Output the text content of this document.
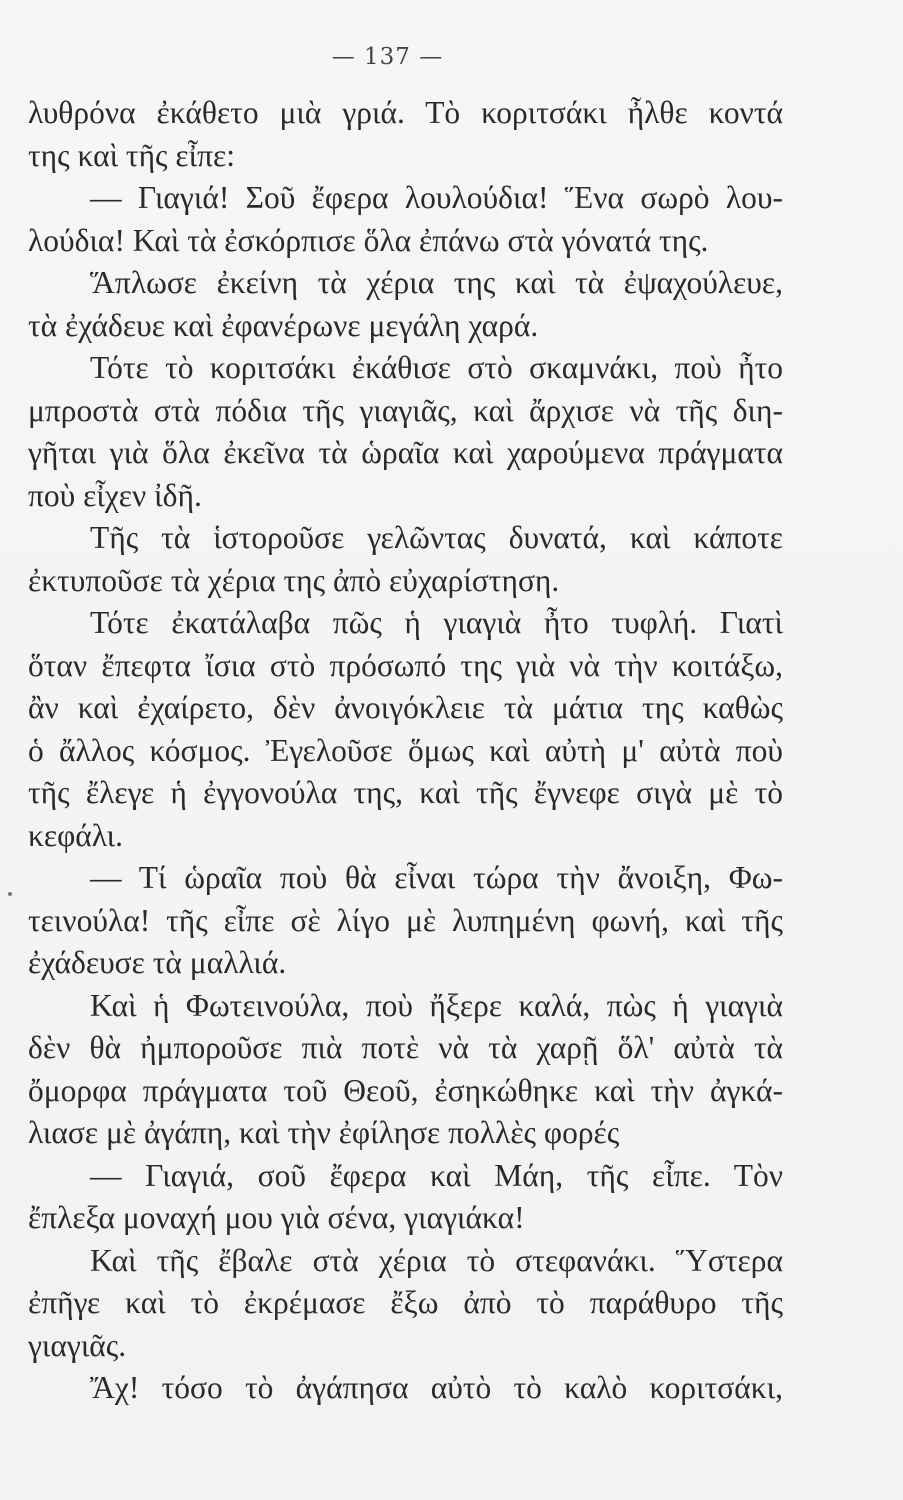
— 137 —
λυθρόνα ἐκάθετο μιὰ γριά. Τὸ κοριτσάκι ἦλθε κοντά
της καὶ τῆς εἶπε:
— Γιαγιά! Σοῦ ἔφερα λουλούδια! Ἕνα σωρὸ λου-
λούδια! Καὶ τὰ ἐσκόρπισε ὅλα ἐπάνω στὰ γόνατά της.
Ἅπλωσε ἐκείνη τὰ χέρια της καὶ τὰ ἐψαχούλευε,
τὰ ἐχάδευε καὶ ἐφανέρωνε μεγάλη χαρά.
Τότε τὸ κοριτσάκι ἐκάθισε στὸ σκαμνάκι, ποὺ ἦτο
μπροστὰ στὰ πόδια τῆς γιαγιᾶς, καὶ ἄρχισε νὰ τῆς διη-
γῆται γιὰ ὅλα ἐκεῖνα τὰ ὡραῖα καὶ χαρούμενα πράγματα
ποὺ εἶχεν ἰδῆ.
Τῆς τὰ ἱστοροῦσε γελῶντας δυνατά, καὶ κάποτε
ἐκτυποῦσε τὰ χέρια της ἀπὸ εὐχαρίστηση.
Τότε ἐκατάλαβα πῶς ἡ γιαγιὰ ἦτο τυφλή. Γιατὶ
ὅταν ἔπεφτα ἴσια στὸ πρόσωπό της γιὰ νὰ τὴν κοιτάξω,
ἂν καὶ ἐχαίρετο, δὲν ἀνοιγόκλειε τὰ μάτια της καθὼς
ὁ ἄλλος κόσμος. Ἐγελοῦσε ὅμως καὶ αὐτὴ μ' αὐτὰ ποὺ
τῆς ἔλεγε ἡ ἐγγονούλα της, καὶ τῆς ἔγνεφε σιγὰ μὲ τὸ
κεφάλι.
— Τί ὡραῖα ποὺ θὰ εἶναι τώρα τὴν ἄνοιξη, Φω-
τεινούλα! τῆς εἶπε σὲ λίγο μὲ λυπημένη φωνή, καὶ τῆς
ἐχάδευσε τὰ μαλλιά.
Καὶ ἡ Φωτεινούλα, ποὺ ἤξερε καλά, πὼς ἡ γιαγιὰ
δὲν θὰ ἠμποροῦσε πιὰ ποτὲ νὰ τὰ χαρῇ ὅλ' αὐτὰ τὰ
ὄμορφα πράγματα τοῦ Θεοῦ, ἐσηκώθηκε καὶ τὴν ἀγκά-
λιασε μὲ ἀγάπη, καὶ τὴν ἐφίλησε πολλὲς φορές
— Γιαγιά, σοῦ ἔφερα καὶ Μάη, τῆς εἶπε. Τὸν
ἔπλεξα μοναχή μου γιὰ σένα, γιαγιάκα!
Καὶ τῆς ἔβαλε στὰ χέρια τὸ στεφανάκι. Ὕστερα
ἐπῆγε καὶ τὸ ἐκρέμασε ἔξω ἀπὸ τὸ παράθυρο τῆς
γιαγιᾶς.
Ἄχ! τόσο τὸ ἀγάπησα αὐτὸ τὸ καλὸ κοριτσάκι,
